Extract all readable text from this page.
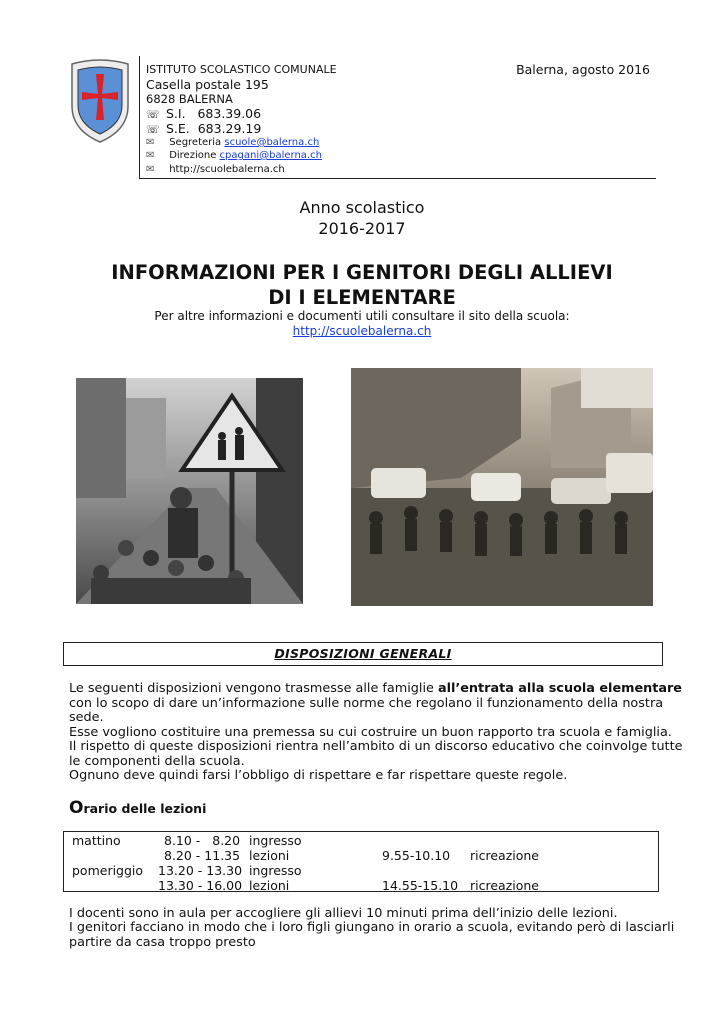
ISTITUTO SCOLASTICO COMUNALE	Balerna, agosto 2016
Casella postale 195
6828 BALERNA
☏ S.I.   683.39.06
☏ S.E.  683.29.19
✉ Segreteria scuole@balerna.ch
✉ Direzione cpagani@balerna.ch
✉ http://scuolebalerna.ch
Anno scolastico
2016-2017
INFORMAZIONI PER I GENITORI DEGLI ALLIEVI
DI I ELEMENTARE
Per altre informazioni e documenti utili consultare il sito della scuola:
http://scuolebalerna.ch
DISPOSIZIONI GENERALI
Le seguenti disposizioni vengono trasmesse alle famiglie all’entrata alla scuola elementare
con lo scopo di dare un’informazione sulle norme che regolano il funzionamento della nostra
sede.
Esse vogliono costituire una premessa su cui costruire un buon rapporto tra scuola e famiglia.
Il rispetto di queste disposizioni rientra nell’ambito di un discorso educativo che coinvolge tutte
le componenti della scuola.
Ognuno deve quindi farsi l’obbligo di rispettare e far rispettare queste regole.
Orario delle lezioni
mattino	8.10 -   8.20	ingresso		
	8.20 - 11.35	lezioni	9.55-10.10	ricreazione
pomeriggio	13.20 - 13.30	ingresso		
	13.30 - 16.00	lezioni	14.55-15.10	ricreazione
I docenti sono in aula per accogliere gli allievi 10 minuti prima dell’inizio delle lezioni.
I genitori facciano in modo che i loro figli giungano in orario a scuola, evitando però di lasciarli
partire da casa troppo presto
